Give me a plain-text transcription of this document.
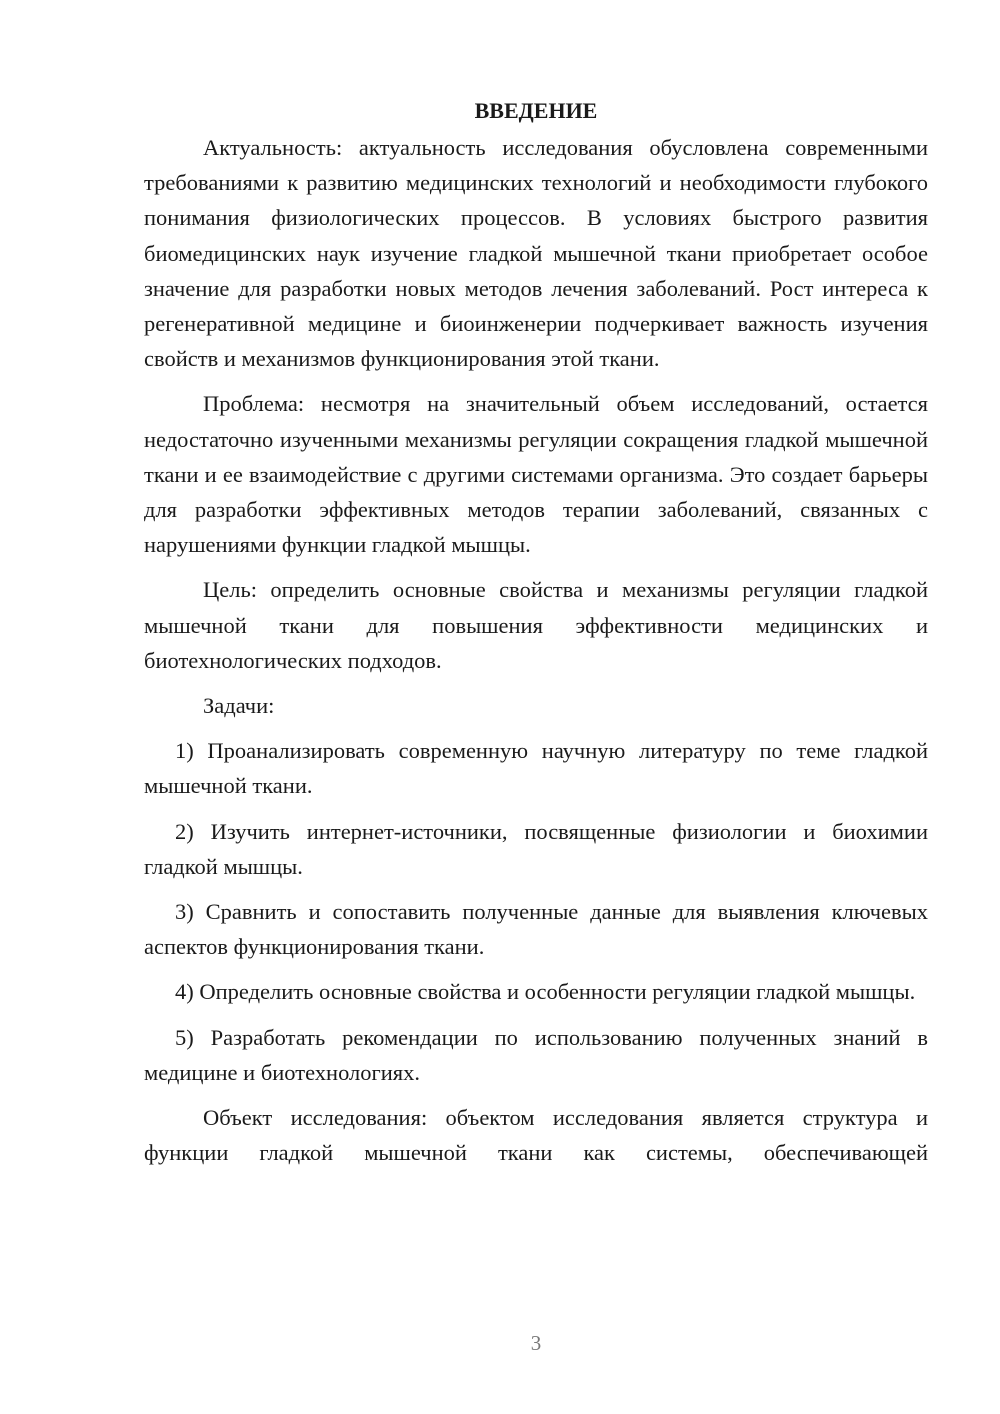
ВВЕДЕНИЕ

Актуальность: актуальность исследования обусловлена современными требованиями к развитию медицинских технологий и необходимости глубокого понимания физиологических процессов. В условиях быстрого развития биомедицинских наук изучение гладкой мышечной ткани приобретает особое значение для разработки новых методов лечения заболеваний. Рост интереса к регенеративной медицине и биоинженерии подчеркивает важность изучения свойств и механизмов функционирования этой ткани.

Проблема: несмотря на значительный объем исследований, остается недостаточно изученными механизмы регуляции сокращения гладкой мышечной ткани и ее взаимодействие с другими системами организма. Это создает барьеры для разработки эффективных методов терапии заболеваний, связанных с нарушениями функции гладкой мышцы.

Цель: определить основные свойства и механизмы регуляции гладкой мышечной ткани для повышения эффективности медицинских и биотехнологических подходов.

Задачи:

1) Проанализировать современную научную литературу по теме гладкой мышечной ткани.

2) Изучить интернет-источники, посвященные физиологии и биохимии гладкой мышцы.

3) Сравнить и сопоставить полученные данные для выявления ключевых аспектов функционирования ткани.

4) Определить основные свойства и особенности регуляции гладкой мышцы.

5) Разработать рекомендации по использованию полученных знаний в медицине и биотехнологиях.

Объект исследования: объектом исследования является структура и функции гладкой мышечной ткани как системы, обеспечивающей

3
